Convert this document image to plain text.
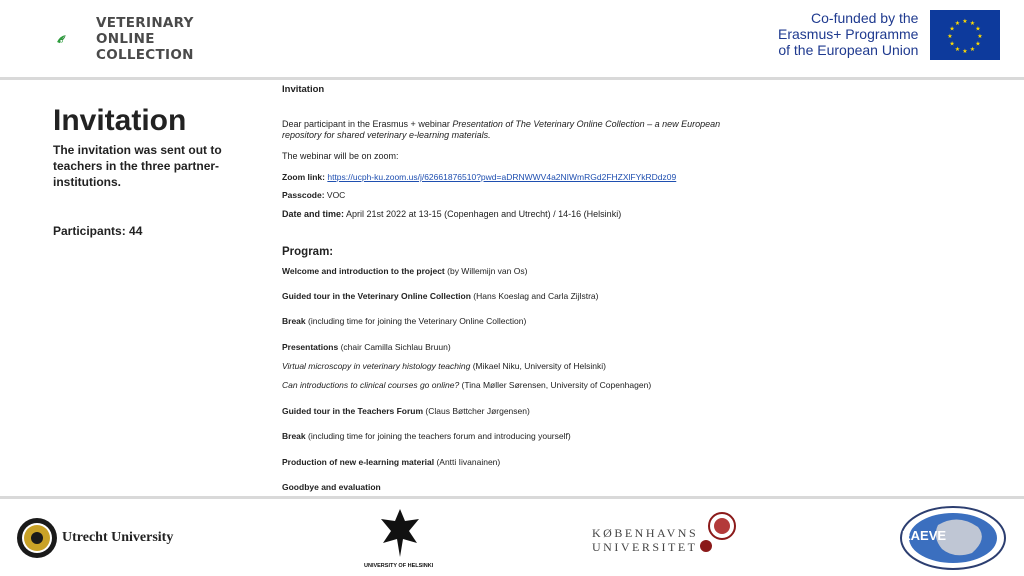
VETERINARY
ONLINE
COLLECTION
Co-funded by the
Erasmus+ Programme
of the European Union
★
★
★
★
★
★
★
★
★ ★ ★
★
Invitation
The invitation was sent out to teachers in the three partner-institutions.
Participants: 44
Invitation
Dear participant in the Erasmus + webinar Presentation of The Veterinary Online Collection – a new European repository for shared veterinary e-learning materials.
The webinar will be on zoom:
Zoom link: https://ucph-ku.zoom.us/j/62661876510?pwd=aDRNWWV4a2NIWmRGd2FHZXlFYkRDdz09
Passcode: VOC
Date and time: April 21st 2022 at 13-15 (Copenhagen and Utrecht) / 14-16 (Helsinki)
Program:
Welcome and introduction to the project (by Willemijn van Os)
Guided tour in the Veterinary Online Collection (Hans Koeslag and Carla Zijlstra)
Break (including time for joining the Veterinary Online Collection)
Presentations (chair Camilla Sichlau Bruun)
Virtual microscopy in veterinary histology teaching (Mikael Niku, University of Helsinki)
Can introductions to clinical courses go online? (Tina Møller Sørensen, University of Copenhagen)
Guided tour in the Teachers Forum (Claus Bøttcher Jørgensen)
Break (including time for joining the teachers forum and introducing yourself)
Production of new e-learning material (Antti Iivanainen)
Goodbye and evaluation
Utrecht University
UNIVERSITY OF HELSINKI
KØBENHAVNS
UNIVERSITET
EAEVE
